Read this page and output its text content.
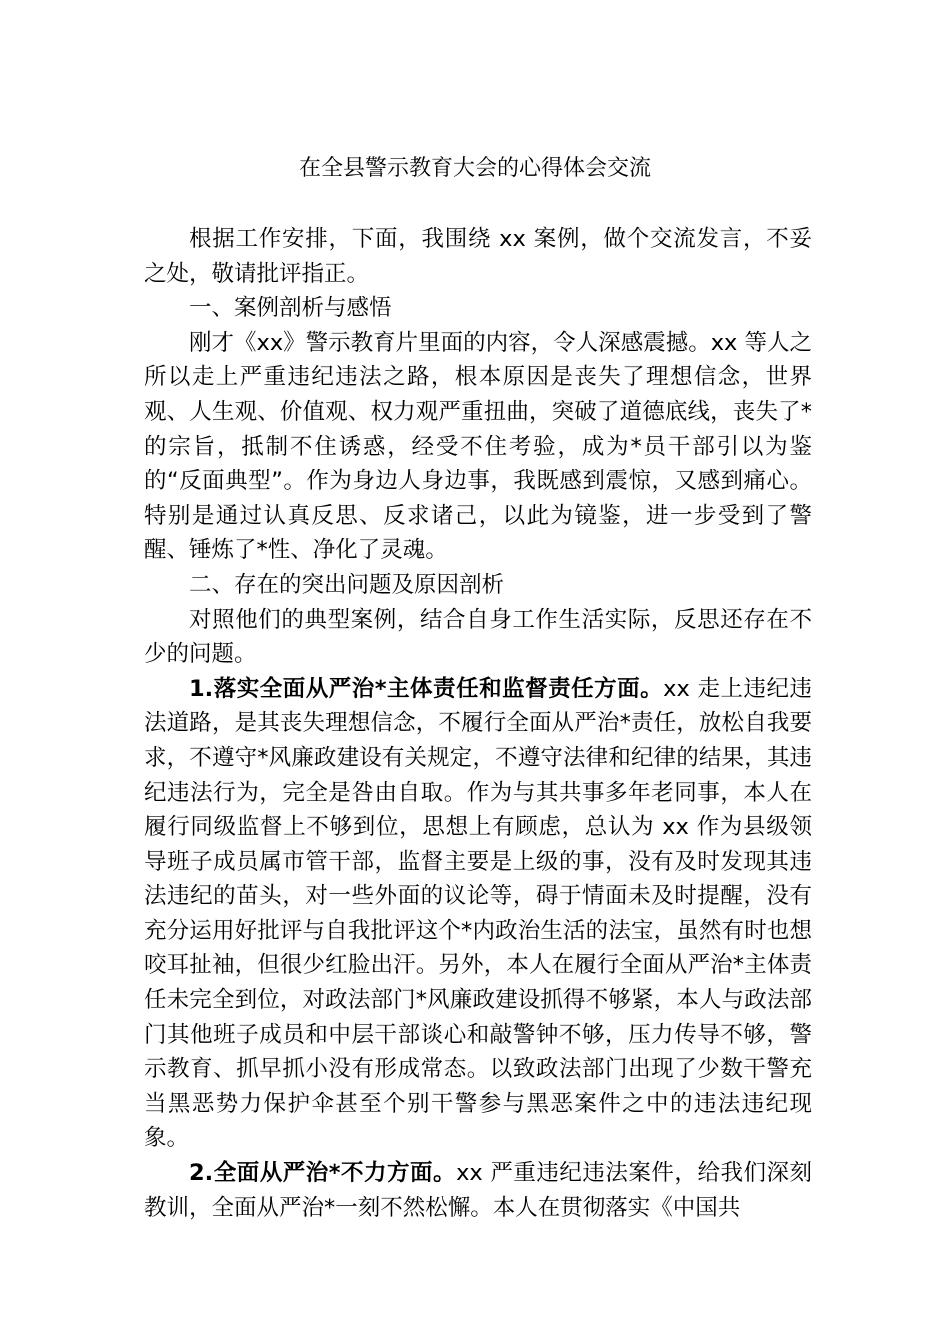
在全县警示教育大会的心得体会交流

根据工作安排，下面，我围绕 xx 案例，做个交流发言，不妥之处，敬请批评指正。

一、案例剖析与感悟

刚才《xx》警示教育片里面的内容，令人深感震撼。xx 等人之所以走上严重违纪违法之路，根本原因是丧失了理想信念，世界观、人生观、价值观、权力观严重扭曲，突破了道德底线，丧失了*的宗旨，抵制不住诱惑，经受不住考验，成为*员干部引以为鉴的“反面典型”。作为身边人身边事，我既感到震惊，又感到痛心。特别是通过认真反思、反求诸己，以此为镜鉴，进一步受到了警醒、锤炼了*性、净化了灵魂。

二、存在的突出问题及原因剖析

对照他们的典型案例，结合自身工作生活实际，反思还存在不少的问题。

1.落实全面从严治*主体责任和监督责任方面。xx 走上违纪违法道路，是其丧失理想信念，不履行全面从严治*责任，放松自我要求，不遵守*风廉政建设有关规定，不遵守法律和纪律的结果，其违纪违法行为，完全是咎由自取。作为与其共事多年老同事，本人在履行同级监督上不够到位，思想上有顾虑，总认为 xx 作为县级领导班子成员属市管干部，监督主要是上级的事，没有及时发现其违法违纪的苗头，对一些外面的议论等，碍于情面未及时提醒，没有充分运用好批评与自我批评这个*内政治生活的法宝，虽然有时也想咬耳扯袖，但很少红脸出汗。另外，本人在履行全面从严治*主体责任未完全到位，对政法部门*风廉政建设抓得不够紧，本人与政法部门其他班子成员和中层干部谈心和敲警钟不够，压力传导不够，警示教育、抓早抓小没有形成常态。以致政法部门出现了少数干警充当黑恶势力保护伞甚至个别干警参与黑恶案件之中的违法违纪现象。

2.全面从严治*不力方面。xx 严重违纪违法案件，给我们深刻教训，全面从严治*一刻不然松懈。本人在贯彻落实《中国共
